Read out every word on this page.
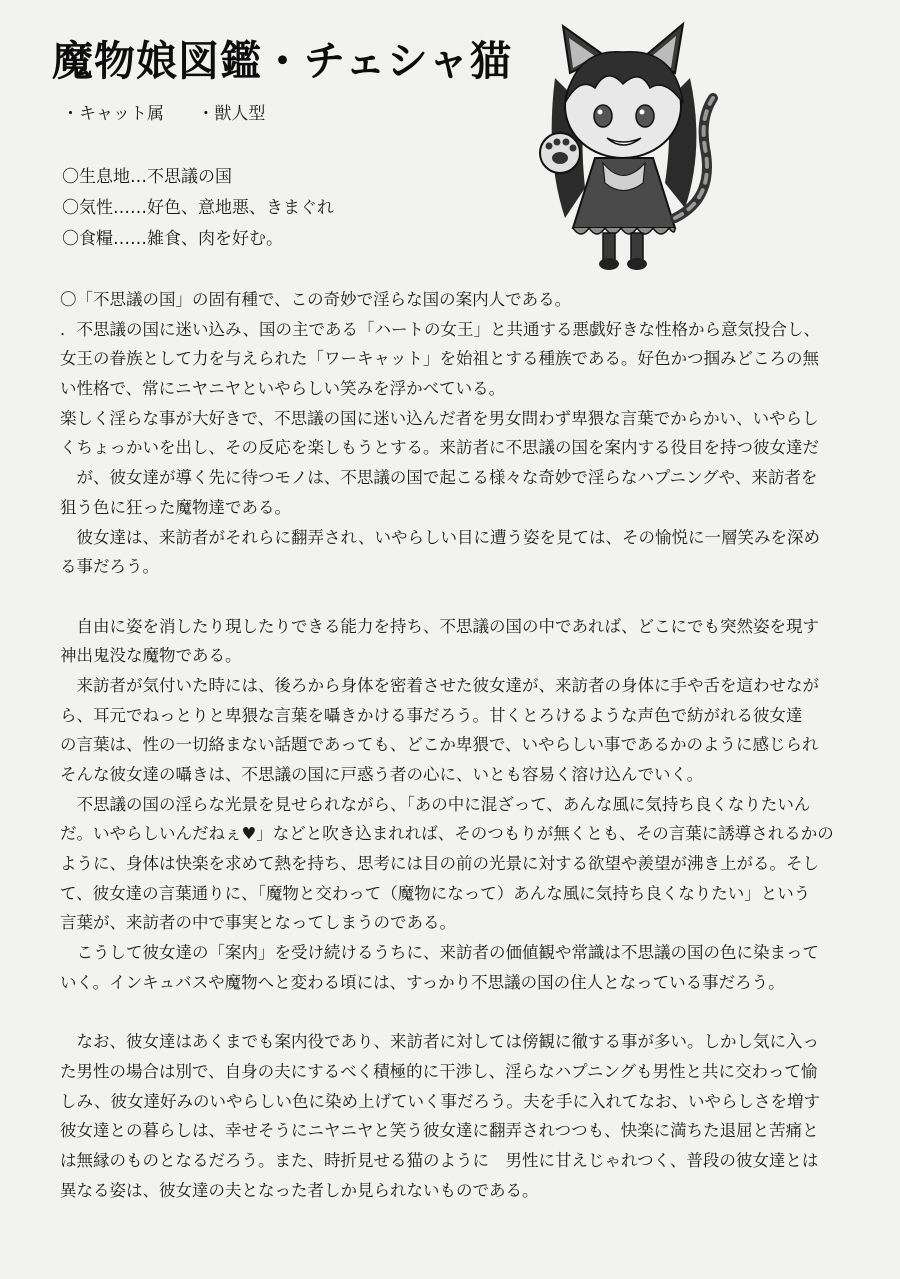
魔物娘図鑑・チェシャ猫
・キャット属 ・獣人型
〇生息地…不思議の国
〇気性……好色、意地悪、きまぐれ
〇食糧……雑食、肉を好む。

〇「不思議の国」の固有種で、この奇妙で淫らな国の案内人である。

．不思議の国に迷い込み、国の主である「ハートの女王」と共通する悪戯好きな性格から意気投合し、

女王の眷族として力を与えられた「ワーキャット」を始祖とする種族である。好色かつ掴みどころの無

い性格で、常にニヤニヤといやらしい笑みを浮かべている。

楽しく淫らな事が大好きで、不思議の国に迷い込んだ者を男女問わず卑猥な言葉でからかい、いやらし

くちょっかいを出し、その反応を楽しもうとする。来訪者に不思議の国を案内する役目を持つ彼女達だ

　が、彼女達が導く先に待つモノは、不思議の国で起こる様々な奇妙で淫らなハプニングや、来訪者を

狙う色に狂った魔物達である。

　彼女達は、来訪者がそれらに翻弄され、いやらしい目に遭う姿を見ては、その愉悦に一層笑みを深め

る事だろう。

　自由に姿を消したり現したりできる能力を持ち、不思議の国の中であれば、どこにでも突然姿を現す

神出鬼没な魔物である。

　来訪者が気付いた時には、後ろから身体を密着させた彼女達が、来訪者の身体に手や舌を這わせなが

ら、耳元でねっとりと卑猥な言葉を囁きかける事だろう。甘くとろけるような声色で紡がれる彼女達

の言葉は、性の一切絡まない話題であっても、どこか卑猥で、いやらしい事であるかのように感じられ

そんな彼女達の囁きは、不思議の国に戸惑う者の心に、いとも容易く溶け込んでいく。

　不思議の国の淫らな光景を見せられながら、「あの中に混ざって、あんな風に気持ち良くなりたいん

だ。いやらしいんだねぇ♥」などと吹き込まれれば、そのつもりが無くとも、その言葉に誘導されるかの

ように、身体は快楽を求めて熱を持ち、思考には目の前の光景に対する欲望や羨望が沸き上がる。そし

て、彼女達の言葉通りに、「魔物と交わって（魔物になって）あんな風に気持ち良くなりたい」という

言葉が、来訪者の中で事実となってしまうのである。

　こうして彼女達の「案内」を受け続けるうちに、来訪者の価値観や常識は不思議の国の色に染まって

いく。インキュバスや魔物へと変わる頃には、すっかり不思議の国の住人となっている事だろう。

　なお、彼女達はあくまでも案内役であり、来訪者に対しては傍観に徹する事が多い。しかし気に入っ

た男性の場合は別で、自身の夫にするべく積極的に干渉し、淫らなハプニングも男性と共に交わって愉

しみ、彼女達好みのいやらしい色に染め上げていく事だろう。夫を手に入れてなお、いやらしさを増す

彼女達との暮らしは、幸せそうにニヤニヤと笑う彼女達に翻弄されつつも、快楽に満ちた退屈と苦痛と

は無縁のものとなるだろう。また、時折見せる猫のように　男性に甘えじゃれつく、普段の彼女達とは

異なる姿は、彼女達の夫となった者しか見られないものである。
